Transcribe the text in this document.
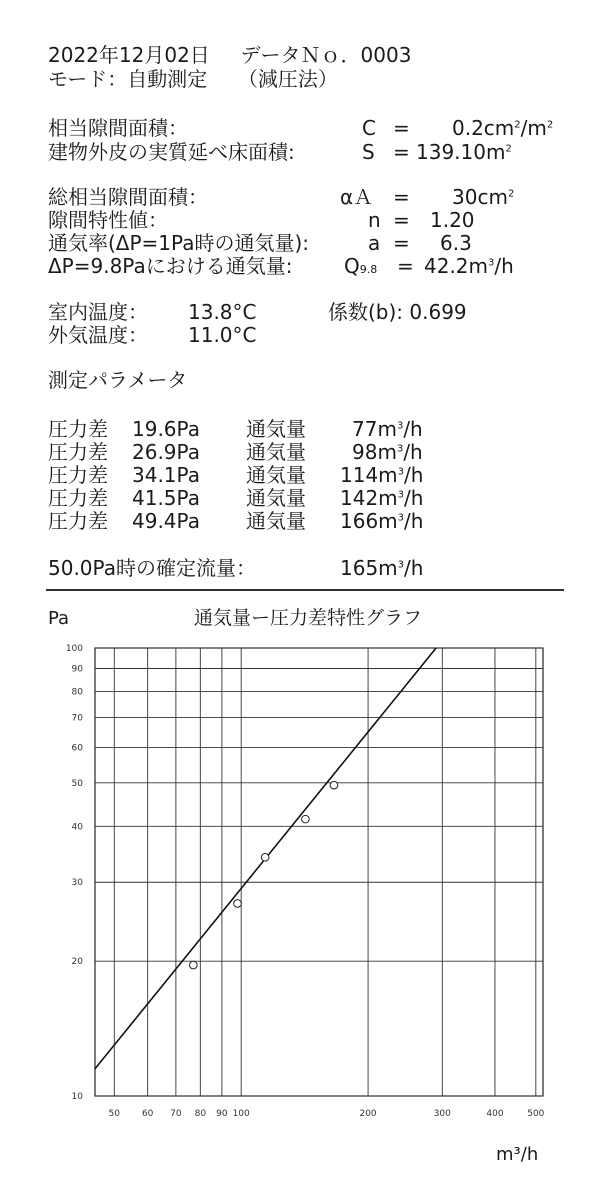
2022年12月02日 データＮｏ．0003
モード：自動測定 （減圧法）
相当隙間面積：	$C = 0.2cm^2/m^2$
建物外皮の実質延べ床面積:	$S = 139.10m^2$
総相当隙間面積：	αＡ = $30cm^2$
隙間特性値：	n = 1.20
通気率(ΔP=1Pa時の通気量):	a = 6.3
ΔP=9.8Paにおける通気量:	$Q9.8 = 42.2m^3/h$
室内温度： 13.8°C	係数(b): 0.699
外気温度： 11.0°C
測定パラメータ
圧力差 19.6Pa 通気量 $77m^3/h$
圧力差 26.9Pa 通気量 $98m^3/h$
圧力差 34.1Pa 通気量 $114m^3/h$
圧力差 41.5Pa 通気量 $142m^3/h$
圧力差 49.4Pa 通気量 $166m^3/h$
50.0Pa時の確定流量：	$165m^3/h$
Pa	通気量ー圧力差特性グラフ
50 60 70 80 90 100	200	300	400	500
10
20
30
40
50
60
70
80
90
100
m³/h
